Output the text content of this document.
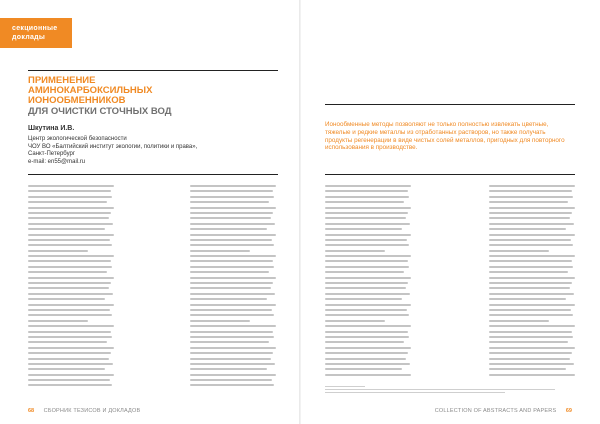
секционные
доклады
ПРИМЕНЕНИЕ
АМИНОКАРБОКСИЛЬНЫХ
ИОНООБМЕННИКОВ
ДЛЯ ОЧИСТКИ СТОЧНЫХ ВОД
Шкутина И.В.
Центр экологической безопасности
ЧОУ ВО «Балтийский институт экологии, политики и права»,
Санкт-Петербург
e-mail: en55@mail.ru

Ионообменные методы позволяют не только полностью извлекать цветные, тяжелые и редкие металлы из отработанных растворов, но также получать продукты регенерации в виде чистых солей металлов, пригодных для повторного использования в производстве.

68 СБОРНИК ТЕЗИСОВ И ДОКЛАДОВ	COLLECTION OF ABSTRACTS AND PAPERS 69
